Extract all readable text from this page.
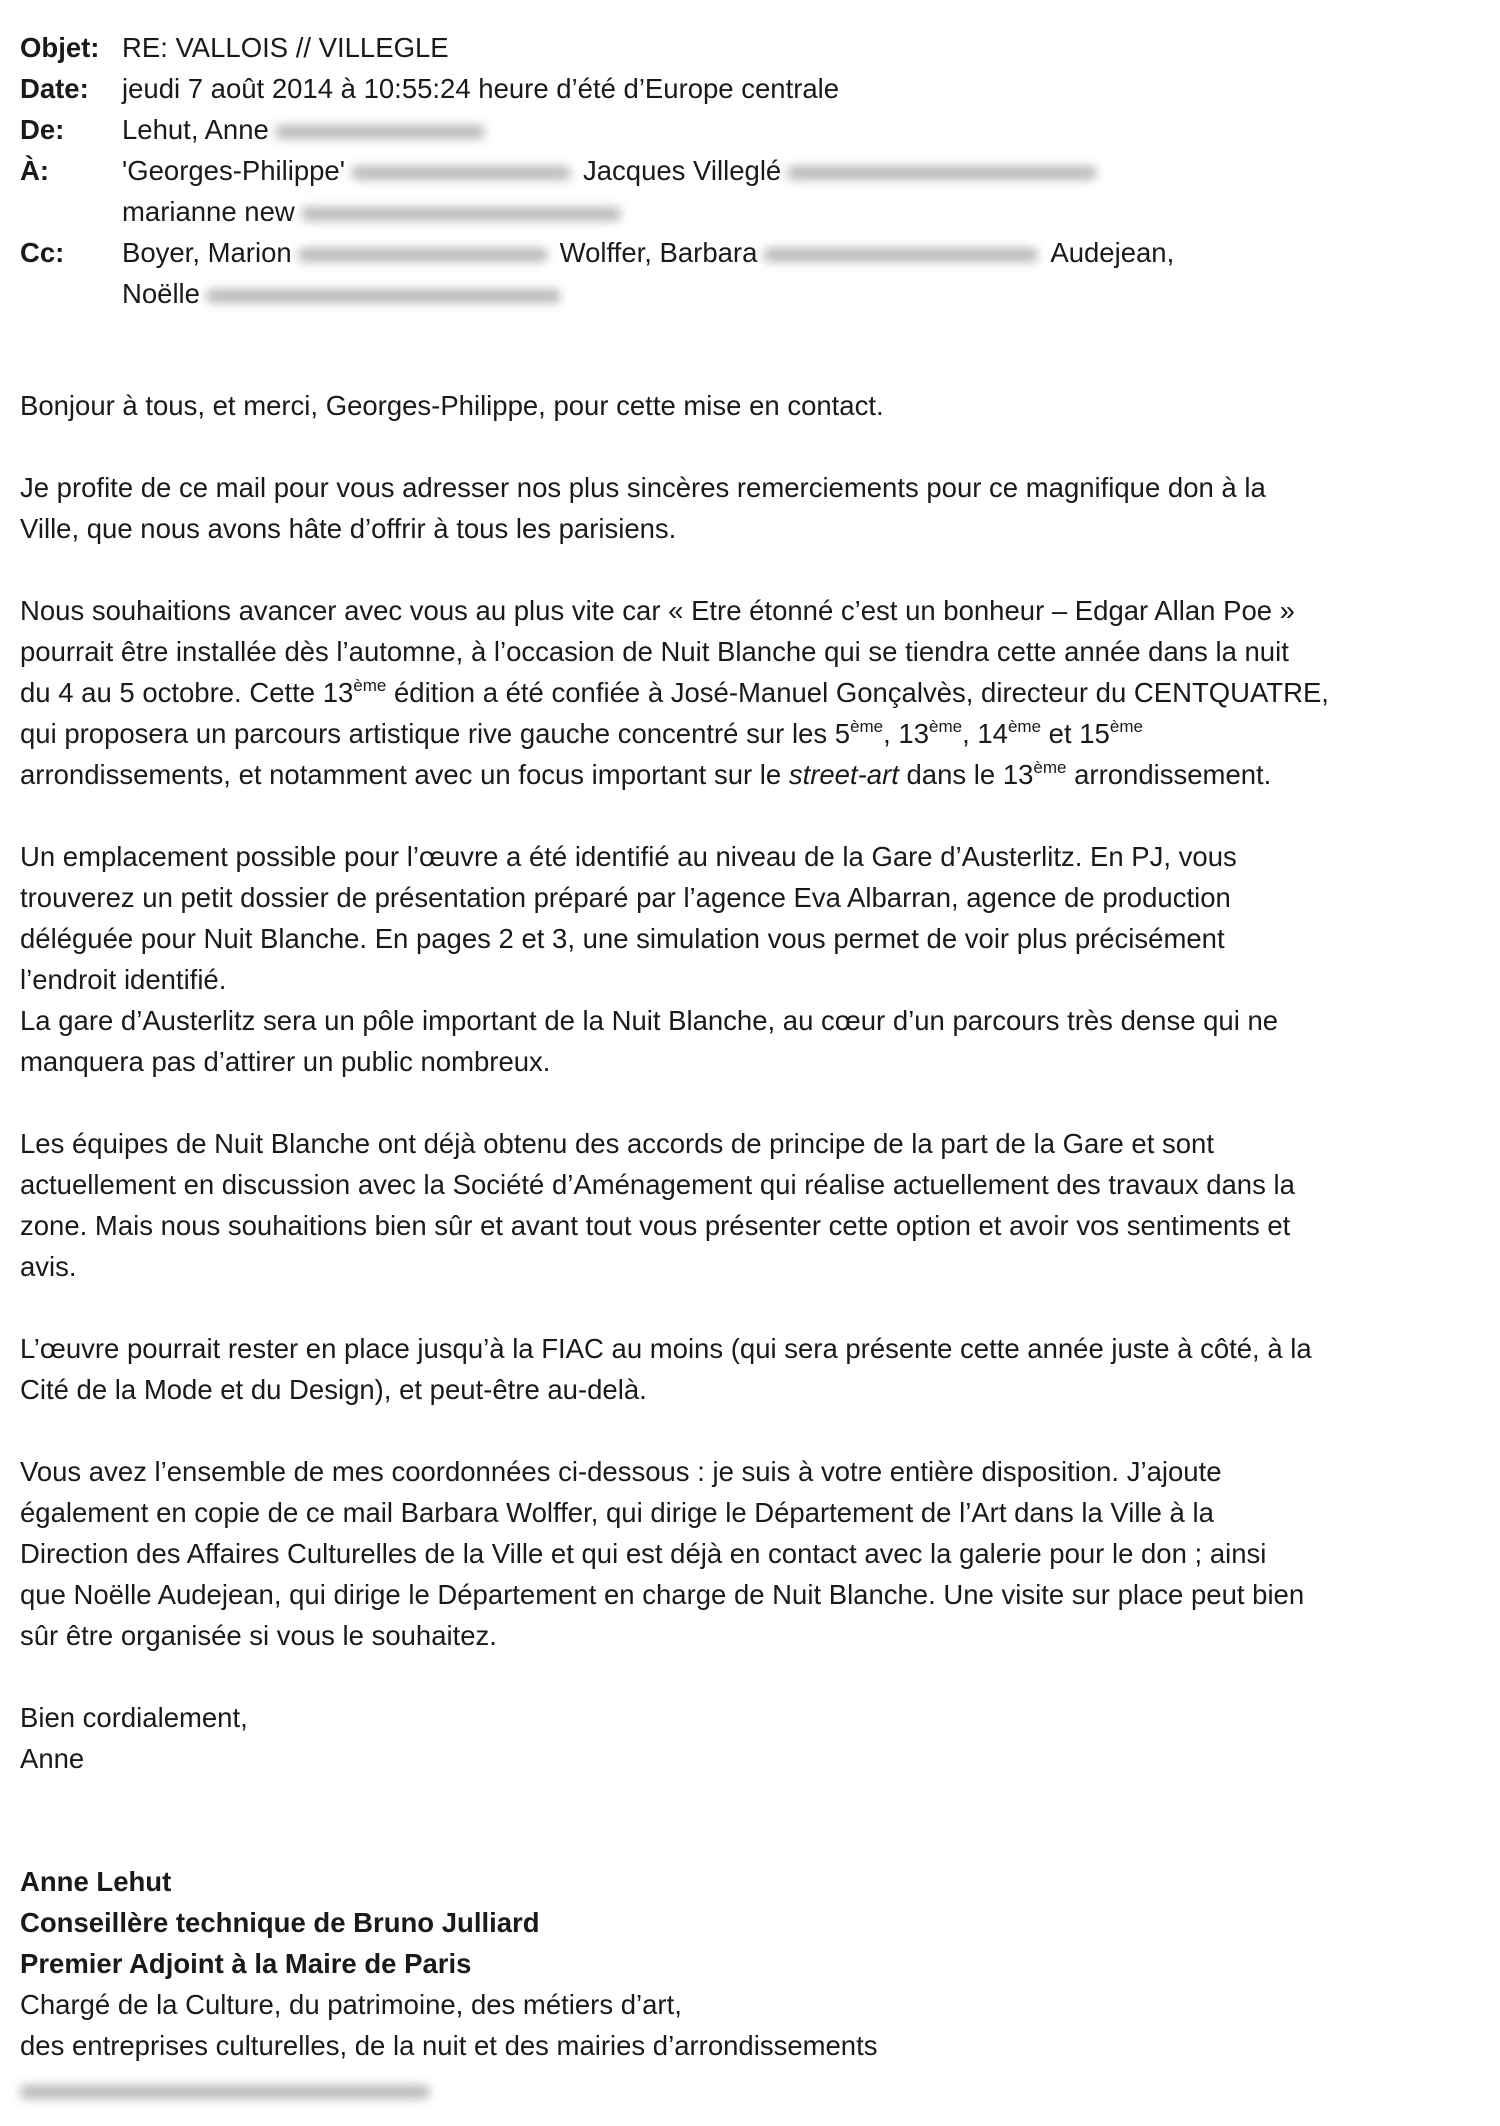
Objet: RE: VALLOIS // VILLEGLE
Date:	jeudi 7 août 2014 à 10:55:24 heure d’été d’Europe centrale
De:	Lehut, Anne
À:	'Georges-Philippe'	Jacques Villeglé
marianne new
Cc:	Boyer, Marion	Wolffer, Barbara	Audejean,
Noëlle
Bonjour à tous, et merci, Georges-Philippe, pour cette mise en contact.
Je profite de ce mail pour vous adresser nos plus sincères remerciements pour ce magnifique don à la
Ville, que nous avons hâte d’offrir à tous les parisiens.
Nous souhaitions avancer avec vous au plus vite car « Etre étonné c’est un bonheur – Edgar Allan Poe »
pourrait être installée dès l’automne, à l’occasion de Nuit Blanche qui se tiendra cette année dans la nuit
du 4 au 5 octobre. Cette 13ème édition a été confiée à José-Manuel Gonçalvès, directeur du CENTQUATRE,
qui proposera un parcours artistique rive gauche concentré sur les 5ème, 13ème, 14ème et 15ème
arrondissements, et notamment avec un focus important sur le street-art dans le 13ème arrondissement.
Un emplacement possible pour l’œuvre a été identifié au niveau de la Gare d’Austerlitz. En PJ, vous
trouverez un petit dossier de présentation préparé par l’agence Eva Albarran, agence de production
déléguée pour Nuit Blanche. En pages 2 et 3, une simulation vous permet de voir plus précisément
l’endroit identifié.
La gare d’Austerlitz sera un pôle important de la Nuit Blanche, au cœur d’un parcours très dense qui ne
manquera pas d’attirer un public nombreux.
Les équipes de Nuit Blanche ont déjà obtenu des accords de principe de la part de la Gare et sont
actuellement en discussion avec la Société d’Aménagement qui réalise actuellement des travaux dans la
zone. Mais nous souhaitions bien sûr et avant tout vous présenter cette option et avoir vos sentiments et
avis.
L’œuvre pourrait rester en place jusqu’à la FIAC au moins (qui sera présente cette année juste à côté, à la
Cité de la Mode et du Design), et peut-être au-delà.
Vous avez l’ensemble de mes coordonnées ci-dessous : je suis à votre entière disposition. J’ajoute
également en copie de ce mail Barbara Wolffer, qui dirige le Département de l’Art dans la Ville à la
Direction des Affaires Culturelles de la Ville et qui est déjà en contact avec la galerie pour le don ; ainsi
que Noëlle Audejean, qui dirige le Département en charge de Nuit Blanche. Une visite sur place peut bien
sûr être organisée si vous le souhaitez.
Bien cordialement,
Anne
Anne Lehut
Conseillère technique de Bruno Julliard
Premier Adjoint à la Maire de Paris
Chargé de la Culture, du patrimoine, des métiers d’art,
des entreprises culturelles, de la nuit et des mairies d’arrondissements
